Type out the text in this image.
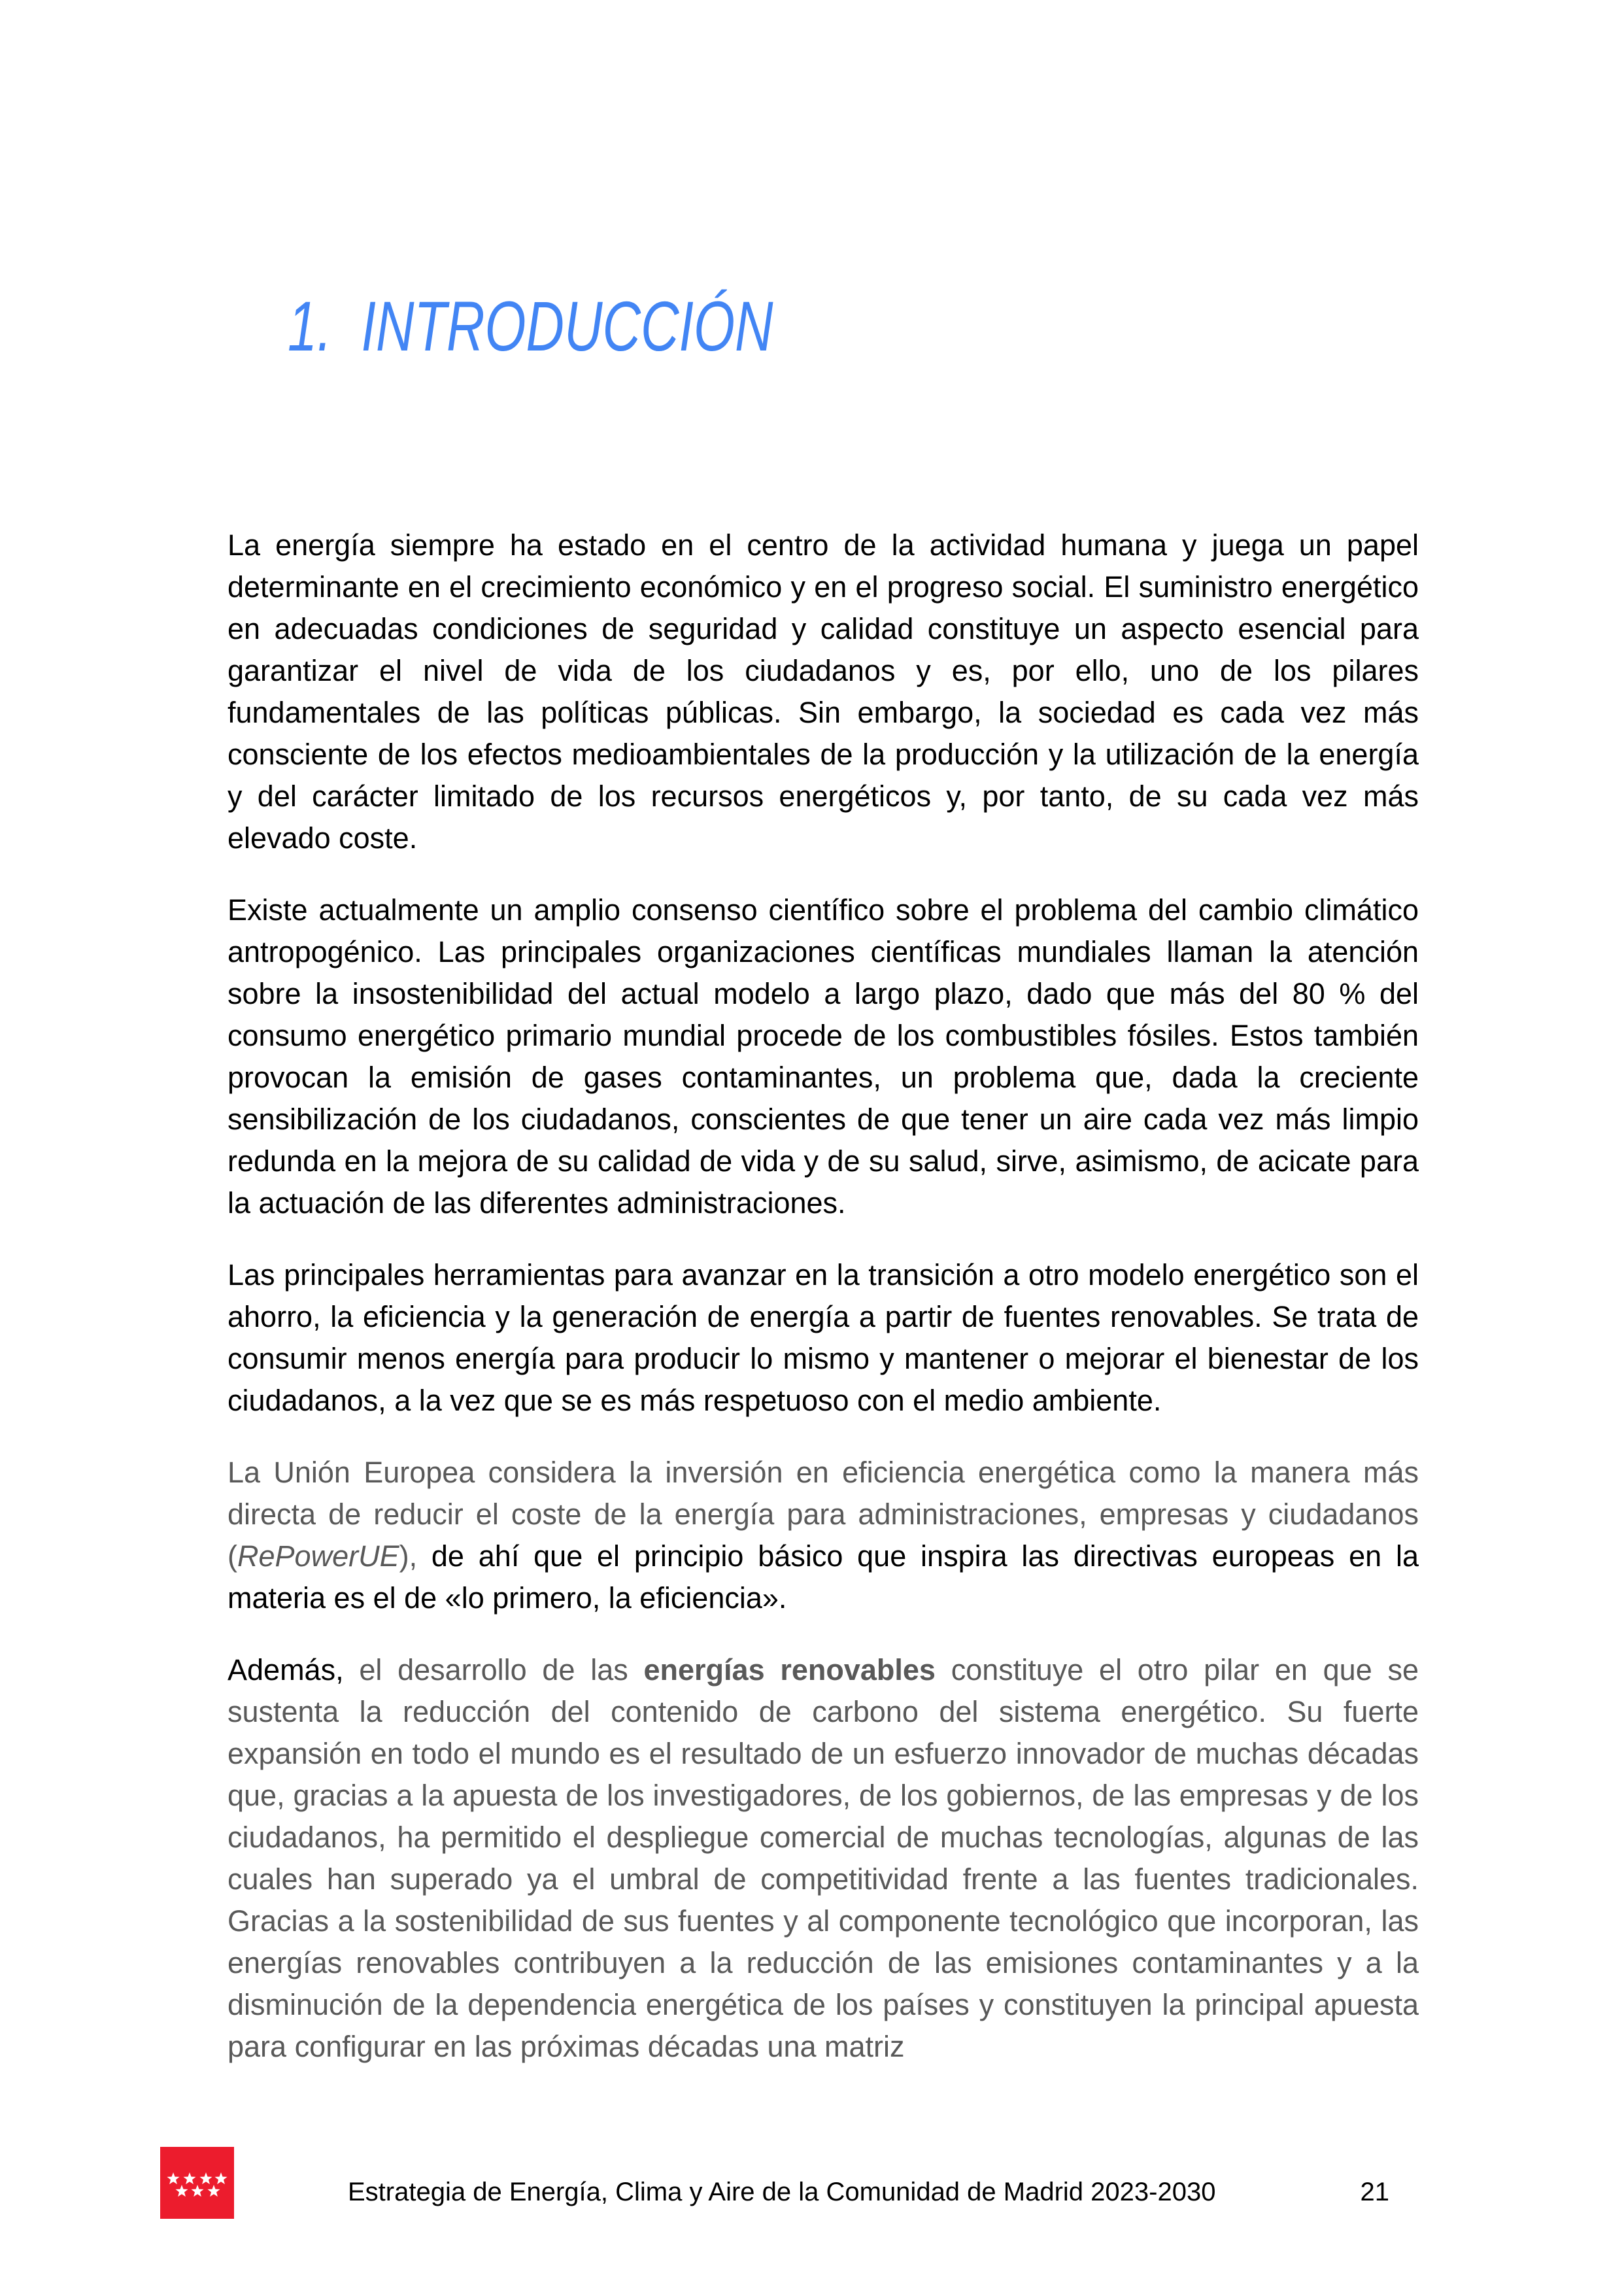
1. INTRODUCCIÓN

La energía siempre ha estado en el centro de la actividad humana y juega un papel determinante en el crecimiento económico y en el progreso social. El suministro energético en adecuadas condiciones de seguridad y calidad constituye un aspecto esencial para garantizar el nivel de vida de los ciudadanos y es, por ello, uno de los pilares fundamentales de las políticas públicas. Sin embargo, la sociedad es cada vez más consciente de los efectos medioambientales de la producción y la utilización de la energía y del carácter limitado de los recursos energéticos y, por tanto, de su cada vez más elevado coste.

Existe actualmente un amplio consenso científico sobre el problema del cambio climático antropogénico. Las principales organizaciones científicas mundiales llaman la atención sobre la insostenibilidad del actual modelo a largo plazo, dado que más del 80 % del consumo energético primario mundial procede de los combustibles fósiles. Estos también provocan la emisión de gases contaminantes, un problema que, dada la creciente sensibilización de los ciudadanos, conscientes de que tener un aire cada vez más limpio redunda en la mejora de su calidad de vida y de su salud, sirve, asimismo, de acicate para la actuación de las diferentes administraciones.

Las principales herramientas para avanzar en la transición a otro modelo energético son el ahorro, la eficiencia y la generación de energía a partir de fuentes renovables. Se trata de consumir menos energía para producir lo mismo y mantener o mejorar el bienestar de los ciudadanos, a la vez que se es más respetuoso con el medio ambiente.

La Unión Europea considera la inversión en eficiencia energética como la manera más directa de reducir el coste de la energía para administraciones, empresas y ciudadanos (RePowerUE), de ahí que el principio básico que inspira las directivas europeas en la materia es el de «lo primero, la eficiencia».

Además, el desarrollo de las energías renovables constituye el otro pilar en que se sustenta la reducción del contenido de carbono del sistema energético. Su fuerte expansión en todo el mundo es el resultado de un esfuerzo innovador de muchas décadas que, gracias a la apuesta de los investigadores, de los gobiernos, de las empresas y de los ciudadanos, ha permitido el despliegue comercial de muchas tecnologías, algunas de las cuales han superado ya el umbral de competitividad frente a las fuentes tradicionales. Gracias a la sostenibilidad de sus fuentes y al componente tecnológico que incorporan, las energías renovables contribuyen a la reducción de las emisiones contaminantes y a la disminución de la dependencia energética de los países y constituyen la principal apuesta para configurar en las próximas décadas una matriz

Estrategia de Energía, Clima y Aire de la Comunidad de Madrid 2023-2030	21
